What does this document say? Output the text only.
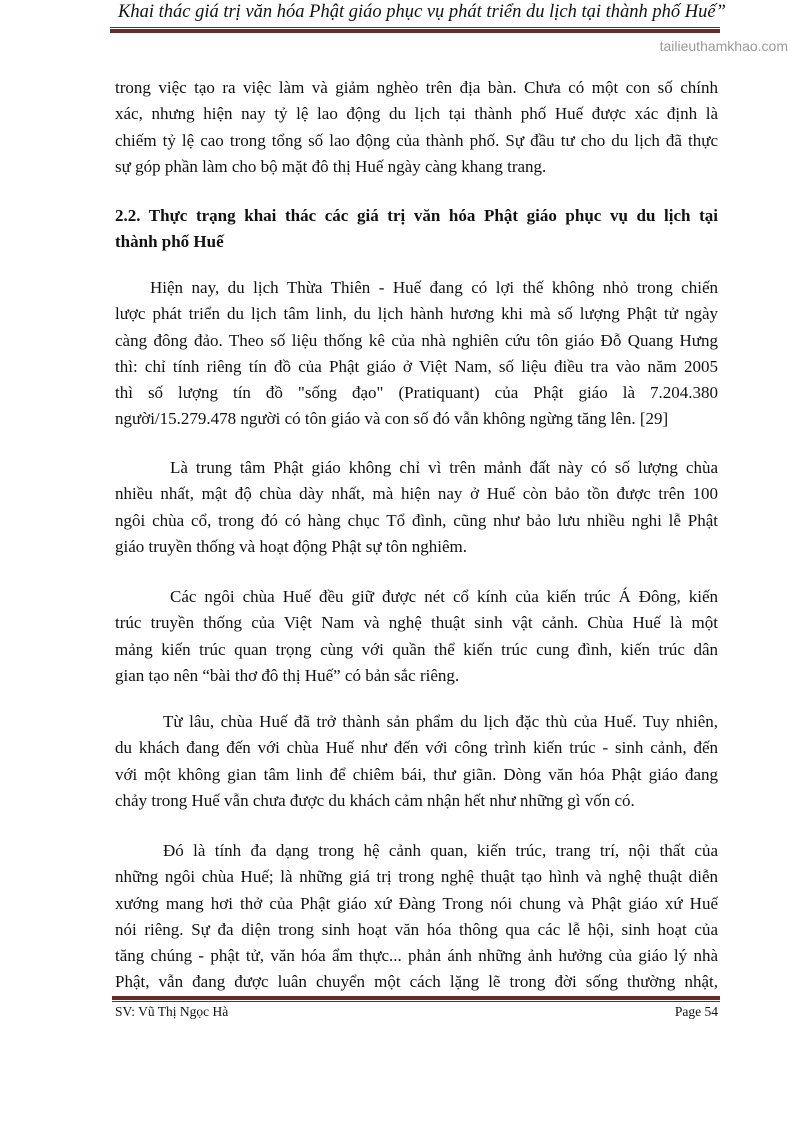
Khai thác giá trị văn hóa Phật giáo phục vụ phát triển du lịch tại thành phố Huế”
tailieuthamkhao.com
trong việc tạo ra việc làm và giảm nghèo trên địa bàn. Chưa có một con số chính
xác, nhưng hiện nay tỷ lệ lao động du lịch tại thành phố Huế được xác định là
chiếm tỷ lệ cao trong tổng số lao động của thành phố. Sự đầu tư cho du lịch đã thực
sự góp phần làm cho bộ mặt đô thị Huế ngày càng khang trang.
2.2. Thực trạng khai thác các giá trị văn hóa Phật giáo phục vụ du lịch tại
thành phố Huế
Hiện nay, du lịch Thừa Thiên - Huế đang có lợi thế không nhỏ trong chiến
lược phát triển du lịch tâm linh, du lịch hành hương khi mà số lượng Phật tử ngày
càng đông đảo. Theo số liệu thống kê của nhà nghiên cứu tôn giáo Đỗ Quang Hưng
thì: chỉ tính riêng tín đồ của Phật giáo ở Việt Nam, số liệu điều tra vào năm 2005
thì số lượng tín đồ "sống đạo" (Pratiquant) của Phật giáo là 7.204.380
người/15.279.478 người có tôn giáo và con số đó vẫn không ngừng tăng lên. [29]
Là trung tâm Phật giáo không chỉ vì trên mảnh đất này có số lượng chùa
nhiều nhất, mật độ chùa dày nhất, mà hiện nay ở Huế còn bảo tồn được trên 100
ngôi chùa cổ, trong đó có hàng chục Tổ đình, cũng như bảo lưu nhiều nghi lễ Phật
giáo truyền thống và hoạt động Phật sự tôn nghiêm.
Các ngôi chùa Huế đều giữ được nét cổ kính của kiến trúc Á Đông, kiến
trúc truyền thống của Việt Nam và nghệ thuật sinh vật cảnh. Chùa Huế là một
mảng kiến trúc quan trọng cùng với quần thể kiến trúc cung đình, kiến trúc dân
gian tạo nên “bài thơ đô thị Huế” có bản sắc riêng.
Từ lâu, chùa Huế đã trở thành sản phẩm du lịch đặc thù của Huế. Tuy nhiên,
du khách đang đến với chùa Huế như đến với công trình kiến trúc - sinh cảnh, đến
với một không gian tâm linh để chiêm bái, thư giãn. Dòng văn hóa Phật giáo đang
chảy trong Huế vẫn chưa được du khách cảm nhận hết như những gì vốn có.
Đó là tính đa dạng trong hệ cảnh quan, kiến trúc, trang trí, nội thất của
những ngôi chùa Huế; là những giá trị trong nghệ thuật tạo hình và nghệ thuật diễn
xướng mang hơi thở của Phật giáo xứ Đàng Trong nói chung và Phật giáo xứ Huế
nói riêng. Sự đa diện trong sinh hoạt văn hóa thông qua các lễ hội, sinh hoạt của
tăng chúng - phật tử, văn hóa ẩm thực... phản ánh những ảnh hưởng của giáo lý nhà
Phật, vẫn đang được luân chuyển một cách lặng lẽ trong đời sống thường nhật,
SV: Vũ Thị Ngọc Hà	Page 54
